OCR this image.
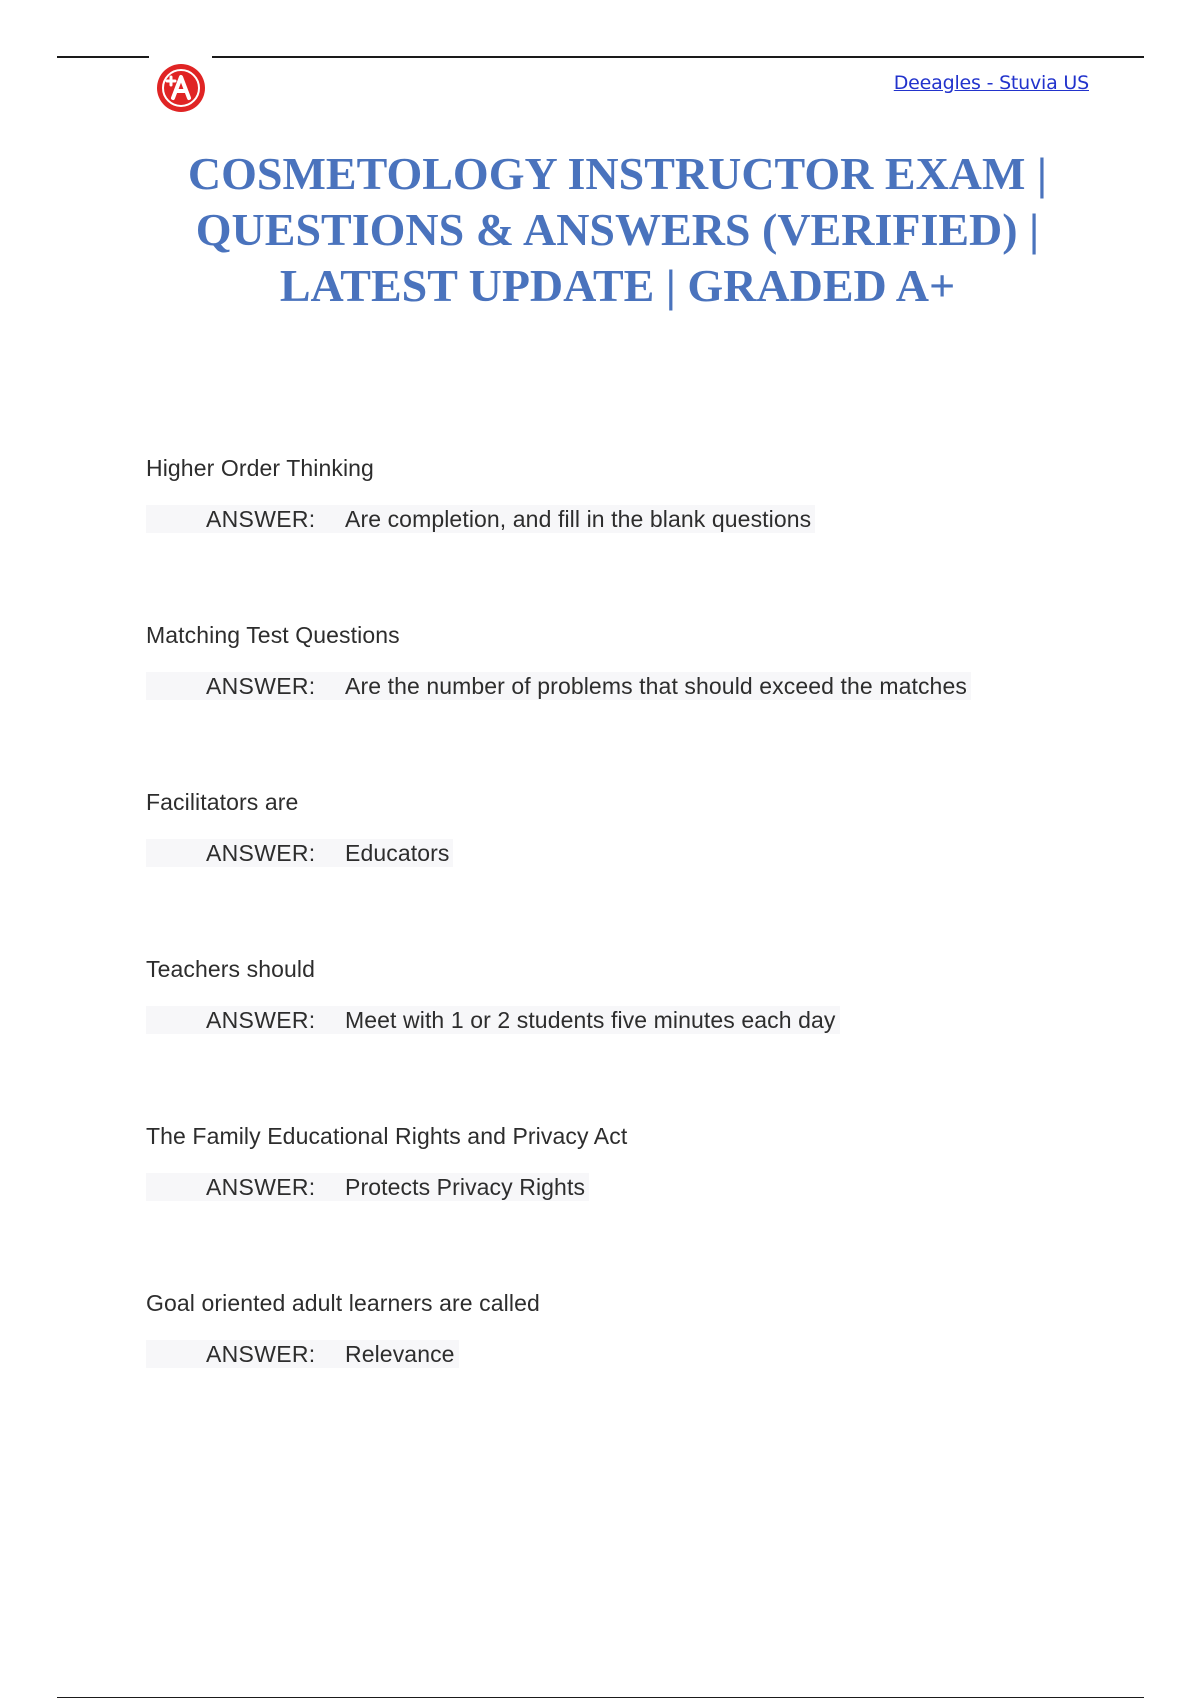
Deeagles - Stuvia US
COSMETOLOGY INSTRUCTOR EXAM |
QUESTIONS & ANSWERS (VERIFIED) |
LATEST UPDATE | GRADED A+
Higher Order Thinking
ANSWER:	Are completion, and fill in the blank questions
Matching Test Questions
ANSWER:	Are the number of problems that should exceed the matches
Facilitators are
ANSWER:	Educators
Teachers should
ANSWER:	Meet with 1 or 2 students five minutes each day
The Family Educational Rights and Privacy Act
ANSWER:	Protects Privacy Rights
Goal oriented adult learners are called
ANSWER:	Relevance
